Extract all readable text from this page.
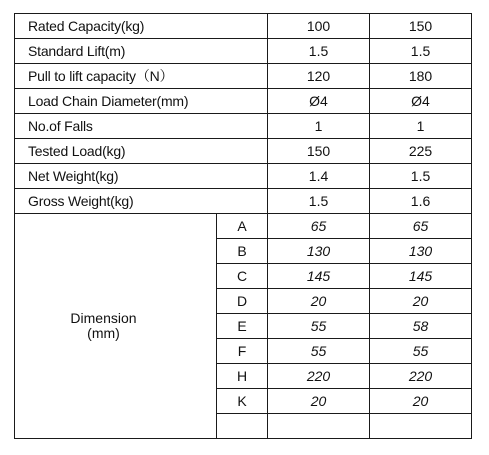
Rated Capacity(kg)		100	150
Standard Lift(m)		1.5	1.5
Pull to lift capacity（N）		120	180
Load Chain Diameter(mm)		Ø4	Ø4
No.of Falls		1	1
Tested Load(kg)		150	225
Net Weight(kg)		1.4	1.5
Gross Weight(kg)		1.5	1.6

Dimension
(mm)	A	65	65
	B	130	130
	C	145	145
	D	20	20
	E	55	58
	F	55	55
	H	220	220
	K	20	20
